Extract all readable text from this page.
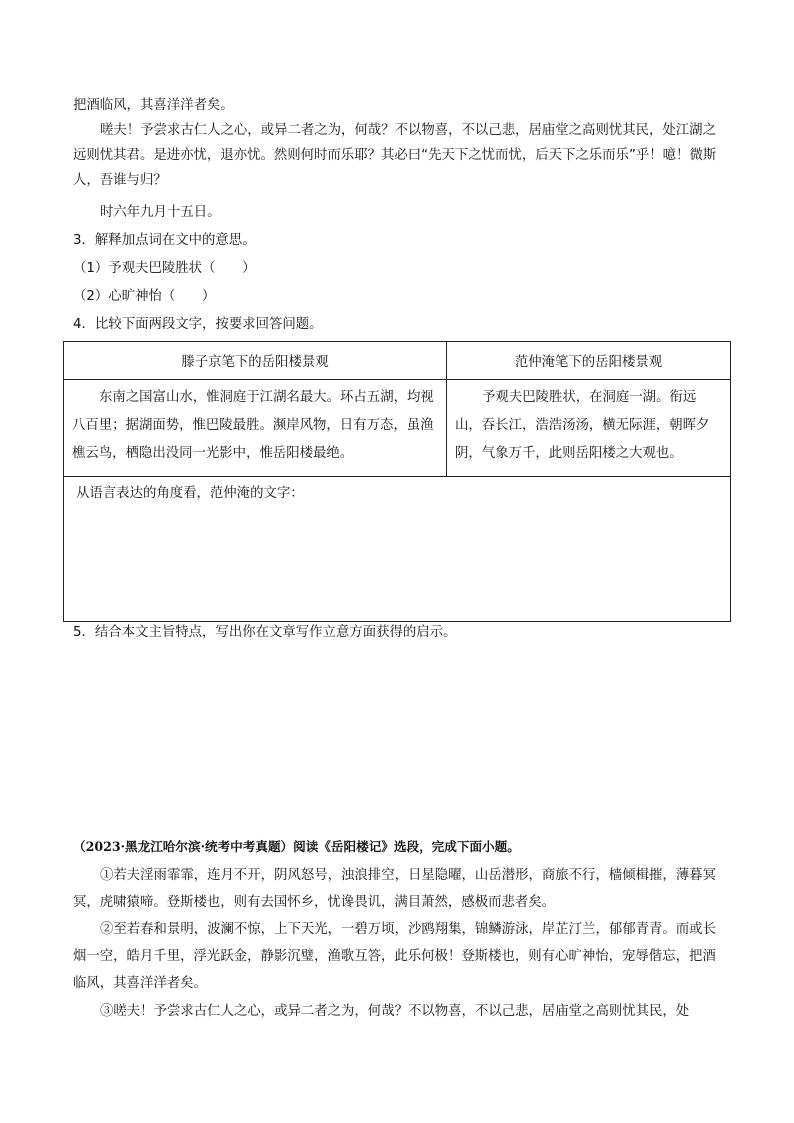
把酒临风，其喜洋洋者矣。

嗟夫！予尝求古仁人之心，或异二者之为，何哉？不以物喜，不以己悲，居庙堂之高则忧其民，处江湖之远则忧其君。是进亦忧，退亦忧。然则何时而乐耶？其必曰“先天下之忧而忧，后天下之乐而乐”乎！噫！微斯人，吾谁与归？

时六年九月十五日。

3．解释加点词在文中的意思。

（1）予观夫巴陵胜状（　　）

（2）心旷神怡（　　）

4．比较下面两段文字，按要求回答问题。

滕子京笔下的岳阳楼景观	范仲淹笔下的岳阳楼景观

东南之国富山水，惟洞庭于江湖名最大。环占五湖，均视八百里；据湖面势，惟巴陵最胜。濒岸风物，日有万态，虽渔樵云鸟，栖隐出没同一光影中，惟岳阳楼最绝。	予观夫巴陵胜状，在洞庭一湖。衔远山，吞长江，浩浩汤汤，横无际涯，朝晖夕阴，气象万千，此则岳阳楼之大观也。

从语言表达的角度看，范仲淹的文字：	

5．结合本文主旨特点，写出你在文章写作立意方面获得的启示。

（2023·黑龙江哈尔滨·统考中考真题）阅读《岳阳楼记》选段，完成下面小题。

①若夫淫雨霏霏，连月不开，阴风怒号，浊浪排空，日星隐曜，山岳潜形，商旅不行，樯倾楫摧，薄暮冥冥，虎啸猿啼。登斯楼也，则有去国怀乡，忧谗畏讥，满目萧然，感极而悲者矣。

②至若春和景明，波澜不惊，上下天光，一碧万顷，沙鸥翔集，锦鳞游泳，岸芷汀兰，郁郁青青。而或长烟一空，皓月千里，浮光跃金，静影沉璧，渔歌互答，此乐何极！登斯楼也，则有心旷神怡，宠辱偕忘，把酒临风，其喜洋洋者矣。

③嗟夫！予尝求古仁人之心，或异二者之为，何哉？不以物喜，不以己悲，居庙堂之高则忧其民，处
